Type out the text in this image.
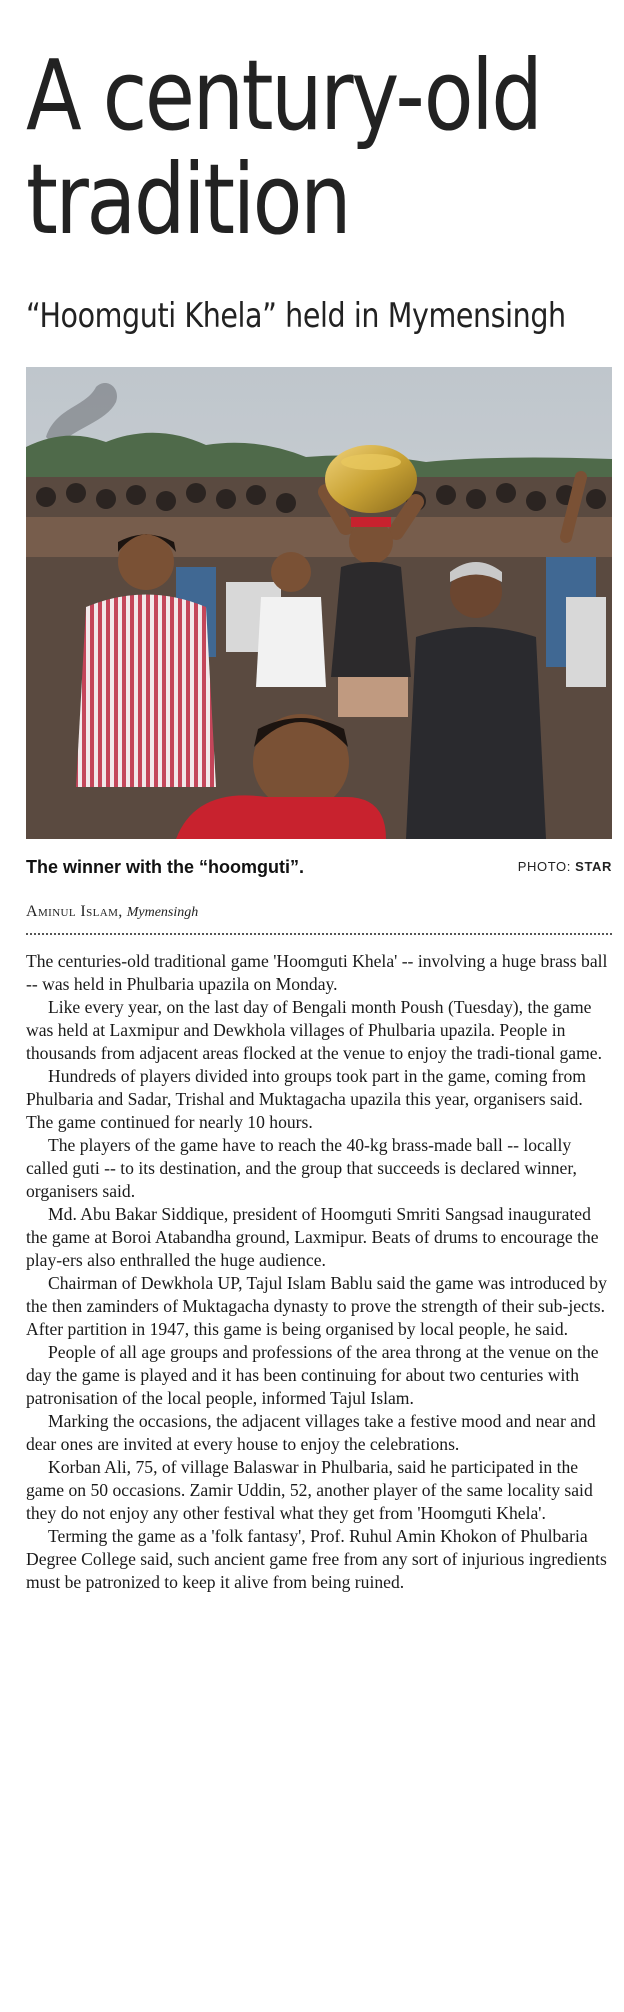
A century-old
tradition
“Hoomguti Khela” held in Mymensingh

The winner with the “hoomguti”.	PHOTO: STAR
Aminul Islam, Mymensingh

The centuries-old traditional game 'Hoomguti Khela' -- involving a huge brass ball -- was held in Phulbaria upazila on Monday.

Like every year, on the last day of Bengali month Poush (Tuesday), the game was held at Laxmipur and Dewkhola villages of Phulbaria upazila. People in thousands from adjacent areas flocked at the venue to enjoy the tradi-tional game.

Hundreds of players divided into groups took part in the game, coming from Phulbaria and Sadar, Trishal and Muktagacha upazila this year, organisers said. The game continued for nearly 10 hours.

The players of the game have to reach the 40-kg brass-made ball -- locally called guti -- to its destination, and the group that succeeds is declared winner, organisers said.

Md. Abu Bakar Siddique, president of Hoomguti Smriti Sangsad inaugurated the game at Boroi Atabandha ground, Laxmipur. Beats of drums to encourage the play-ers also enthralled the huge audience.

Chairman of Dewkhola UP, Tajul Islam Bablu said the game was introduced by the then zaminders of Muktagacha dynasty to prove the strength of their sub-jects. After partition in 1947, this game is being organised by local people, he said.

People of all age groups and professions of the area throng at the venue on the day the game is played and it has been continuing for about two centuries with patronisation of the local people, informed Tajul Islam.

Marking the occasions, the adjacent villages take a festive mood and near and dear ones are invited at every house to enjoy the celebrations.

Korban Ali, 75, of village Balaswar in Phulbaria, said he participated in the game on 50 occasions. Zamir Uddin, 52, another player of the same locality said they do not enjoy any other festival what they get from 'Hoomguti Khela'.

Terming the game as a 'folk fantasy', Prof. Ruhul Amin Khokon of Phulbaria Degree College said, such ancient game free from any sort of injurious ingredients must be patronized to keep it alive from being ruined.
